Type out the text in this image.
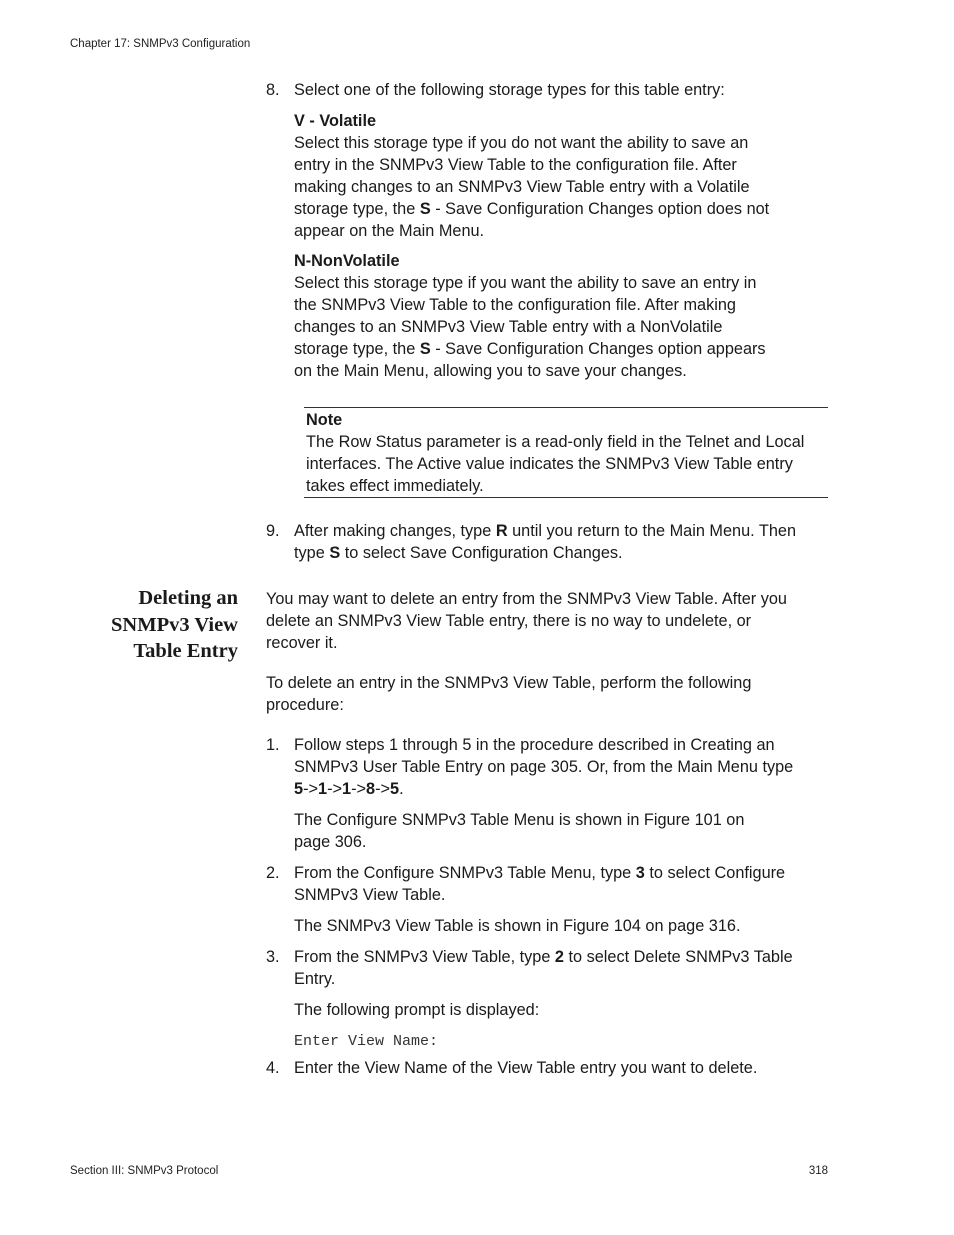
Chapter 17: SNMPv3 Configuration
8. Select one of the following storage types for this table entry:
V - Volatile
Select this storage type if you do not want the ability to save an
entry in the SNMPv3 View Table to the configuration file. After
making changes to an SNMPv3 View Table entry with a Volatile
storage type, the S - Save Configuration Changes option does not
appear on the Main Menu.
N-NonVolatile
Select this storage type if you want the ability to save an entry in
the SNMPv3 View Table to the configuration file. After making
changes to an SNMPv3 View Table entry with a NonVolatile
storage type, the S - Save Configuration Changes option appears
on the Main Menu, allowing you to save your changes.
Note
The Row Status parameter is a read-only field in the Telnet and Local
interfaces. The Active value indicates the SNMPv3 View Table entry
takes effect immediately.
9. After making changes, type R until you return to the Main Menu. Then
type S to select Save Configuration Changes.
Deleting an
SNMPv3 View
Table Entry
You may want to delete an entry from the SNMPv3 View Table. After you
delete an SNMPv3 View Table entry, there is no way to undelete, or
recover it.
To delete an entry in the SNMPv3 View Table, perform the following
procedure:
1. Follow steps 1 through 5 in the procedure described in Creating an
SNMPv3 User Table Entry on page 305. Or, from the Main Menu type
5->1->1->8->5.
The Configure SNMPv3 Table Menu is shown in Figure 101 on
page 306.
2. From the Configure SNMPv3 Table Menu, type 3 to select Configure
SNMPv3 View Table.
The SNMPv3 View Table is shown in Figure 104 on page 316.
3. From the SNMPv3 View Table, type 2 to select Delete SNMPv3 Table
Entry.
The following prompt is displayed:
Enter View Name:
4. Enter the View Name of the View Table entry you want to delete.
Section III: SNMPv3 Protocol	318
